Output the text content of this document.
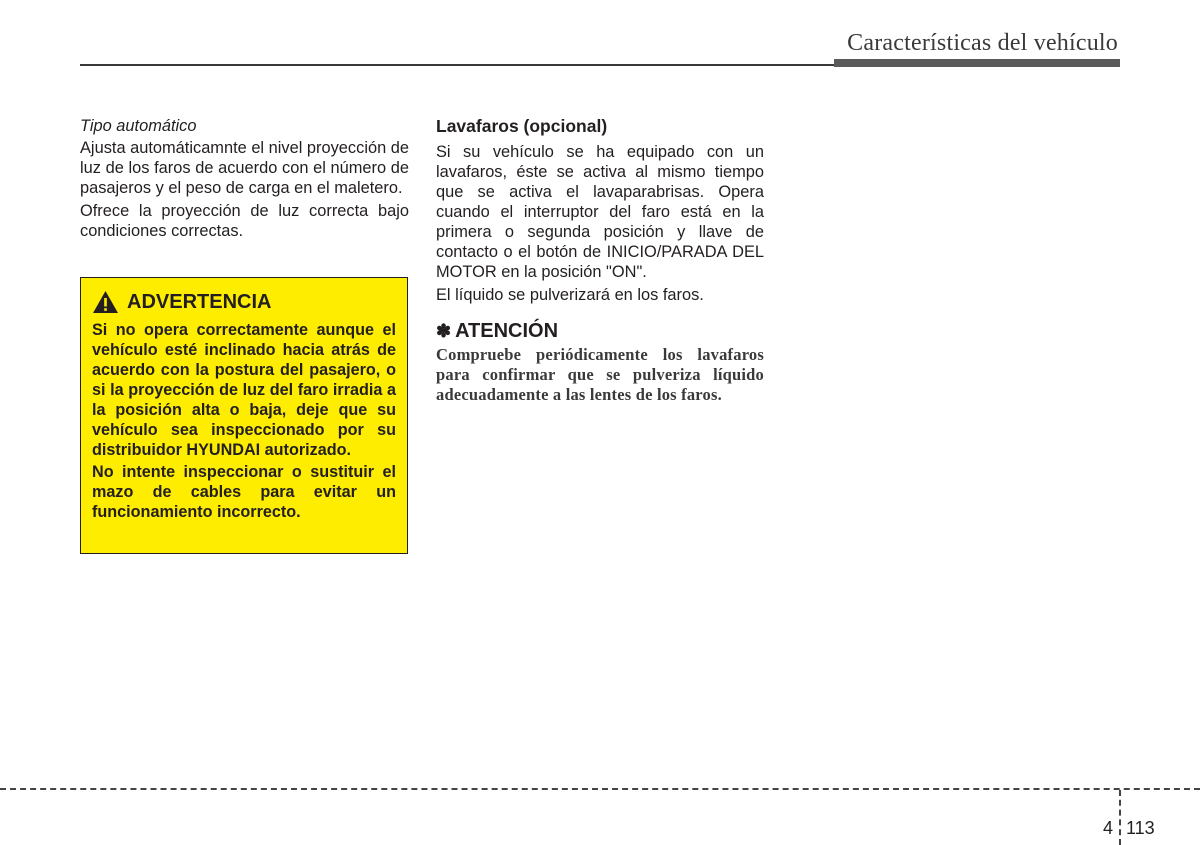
Características del vehículo

Tipo automático

Ajusta automáticamnte el nivel proyección de luz de los faros de acuerdo con el número de pasajeros y el peso de carga en el maletero.

Ofrece la proyección de luz correcta bajo condiciones correctas.

ADVERTENCIA

Si no opera correctamente aunque el vehículo esté inclinado hacia atrás de acuerdo con la postura del pasajero, o si la proyección de luz del faro irradia a la posición alta o baja, deje que su vehículo sea inspeccionado por su distribuidor HYUNDAI autorizado.

No intente inspeccionar o sustituir el mazo de cables para evitar un funcionamiento incorrecto.

Lavafaros (opcional)

Si su vehículo se ha equipado con un lavafaros, éste se activa al mismo tiempo que se activa el lavaparabrisas. Opera cuando el interruptor del faro está en la primera o segunda posición y llave de contacto o el botón de INICIO/PARADA DEL MOTOR en la posición "ON".

El líquido se pulverizará en los faros.

✽ ATENCIÓN

Compruebe periódicamente los lavafaros para confirmar que se pulveriza líquido adecuadamente a las lentes de los faros.

4 113
